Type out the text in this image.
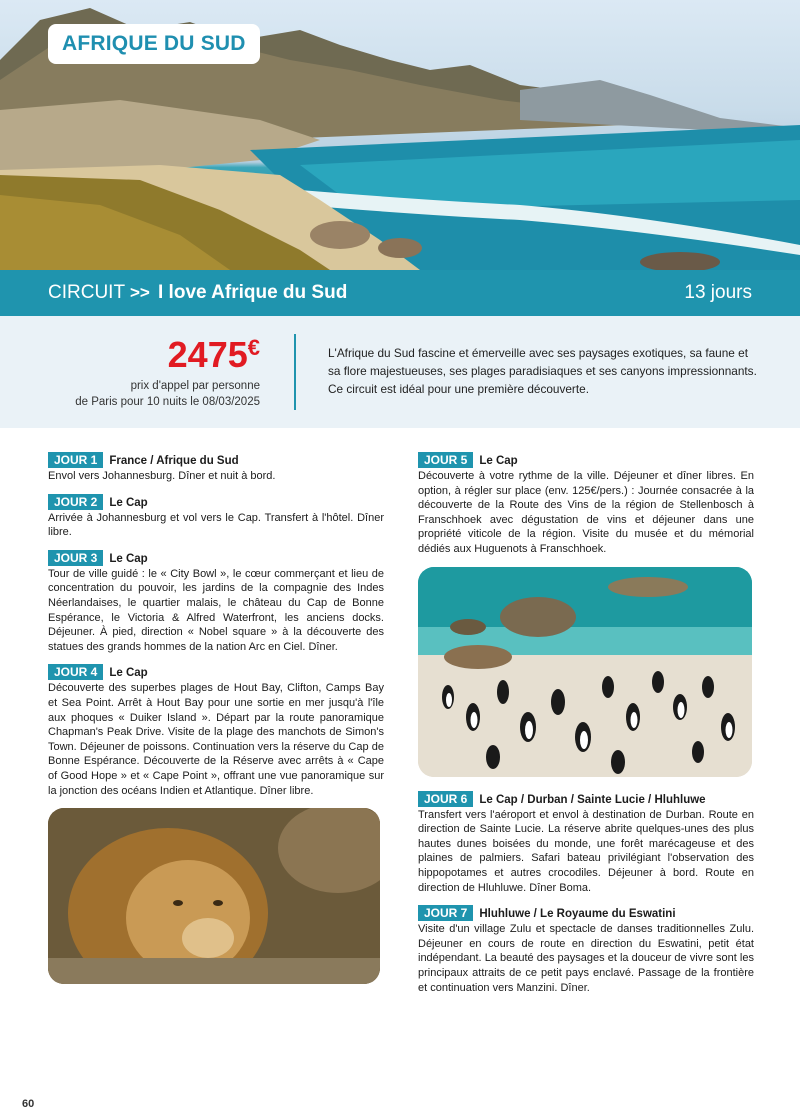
AFRIQUE DU SUD
CIRCUIT >> I love Afrique du Sud	13 jours
2475€
prix d'appel par personne
de Paris pour 10 nuits le 08/03/2025
L'Afrique du Sud fascine et émerveille avec ses paysages exotiques, sa faune et sa flore majestueuses, ses plages paradisiaques et ses canyons impressionnants. Ce circuit est idéal pour une première découverte.
JOUR 1 France / Afrique du Sud
Envol vers Johannesburg. Dîner et nuit à bord.
JOUR 2 Le Cap
Arrivée à Johannesburg et vol vers le Cap. Transfert à l'hôtel. Dîner libre.
JOUR 3 Le Cap
Tour de ville guidé : le « City Bowl », le cœur commerçant et lieu de concentration du pouvoir, les jardins de la compagnie des Indes Néerlandaises, le quartier malais, le château du Cap de Bonne Espérance, le Victoria & Alfred Waterfront, les anciens docks. Déjeuner. À pied, direction « Nobel square » à la découverte des statues des grands hommes de la nation Arc en Ciel. Dîner.
JOUR 4 Le Cap
Découverte des superbes plages de Hout Bay, Clifton, Camps Bay et Sea Point. Arrêt à Hout Bay pour une sortie en mer jusqu'à l'île aux phoques « Duiker Island ». Départ par la route panoramique Chapman's Peak Drive. Visite de la plage des manchots de Simon's Town. Déjeuner de poissons. Continuation vers la réserve du Cap de Bonne Espérance. Découverte de la Réserve avec arrêts à « Cape of Good Hope » et « Cape Point », offrant une vue panoramique sur la jonction des océans Indien et Atlantique. Dîner libre.
JOUR 5 Le Cap
Découverte à votre rythme de la ville. Déjeuner et dîner libres. En option, à régler sur place (env. 125€/pers.) : Journée consacrée à la découverte de la Route des Vins de la région de Stellenbosch à Franschhoek avec dégustation de vins et déjeuner dans une propriété viticole de la région. Visite du musée et du mémorial dédiés aux Huguenots à Franschhoek.
JOUR 6 Le Cap / Durban / Sainte Lucie / Hluhluwe
Transfert vers l'aéroport et envol à destination de Durban. Route en direction de Sainte Lucie. La réserve abrite quelques-unes des plus hautes dunes boisées du monde, une forêt marécageuse et des plaines de palmiers. Safari bateau privilégiant l'observation des hippopotames et autres crocodiles. Déjeuner à bord. Route en direction de Hluhluwe. Dîner Boma.
JOUR 7 Hluhluwe / Le Royaume du Eswatini
Visite d'un village Zulu et spectacle de danses traditionnelles Zulu. Déjeuner en cours de route en direction du Eswatini, petit état indépendant. La beauté des paysages et la douceur de vivre sont les principaux attraits de ce petit pays enclavé. Passage de la frontière et continuation vers Manzini. Dîner.
60
